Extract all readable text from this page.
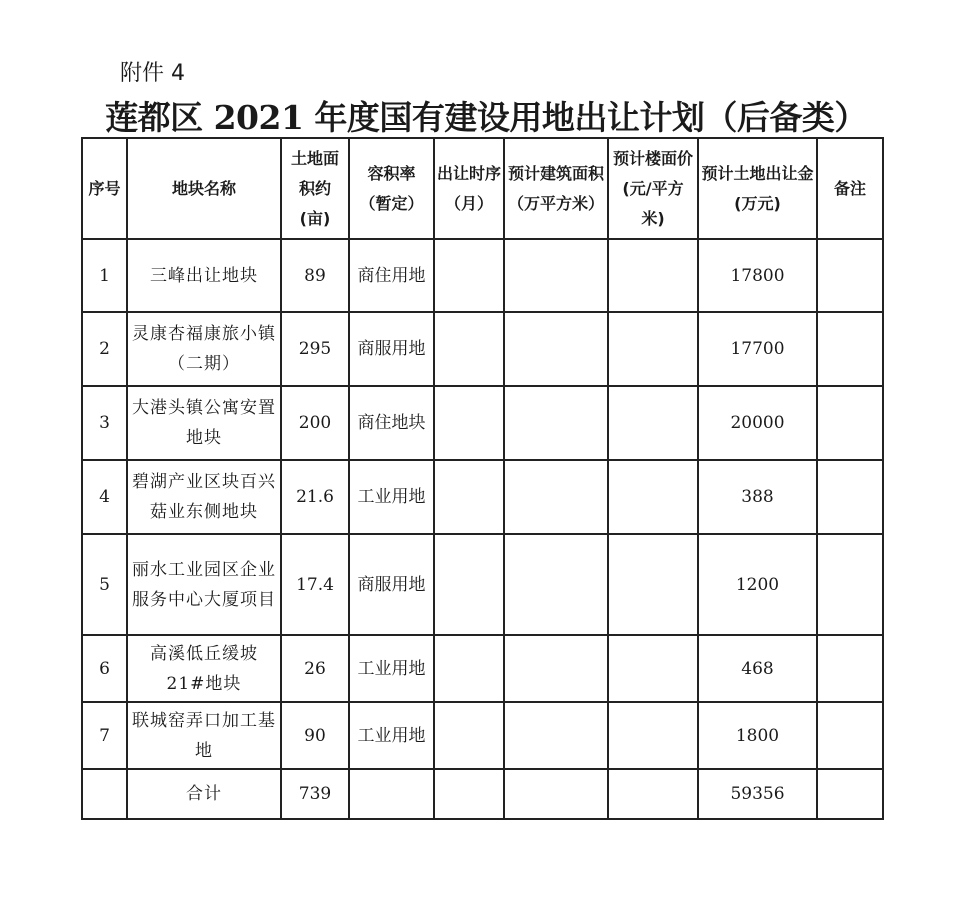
附件 4
莲都区 2021 年度国有建设用地出让计划（后备类）
序号	地块名称	土地面积约(亩)	容积率（暂定）	出让时序（月）	预计建筑面积（万平方米）	预计楼面价(元/平方米)	预计土地出让金(万元)	备注
1	三峰出让地块	89	商住用地				17800	
2	灵康杏福康旅小镇（二期）	295	商服用地				17700	
3	大港头镇公寓安置地块	200	商住地块				20000	
4	碧湖产业区块百兴菇业东侧地块	21.6	工业用地				388	
5	丽水工业园区企业服务中心大厦项目	17.4	商服用地				1200	
6	高溪低丘缓坡 21#地块	26	工业用地				468	
7	联城窑弄口加工基地	90	工业用地				1800	
	合计	739					59356	
